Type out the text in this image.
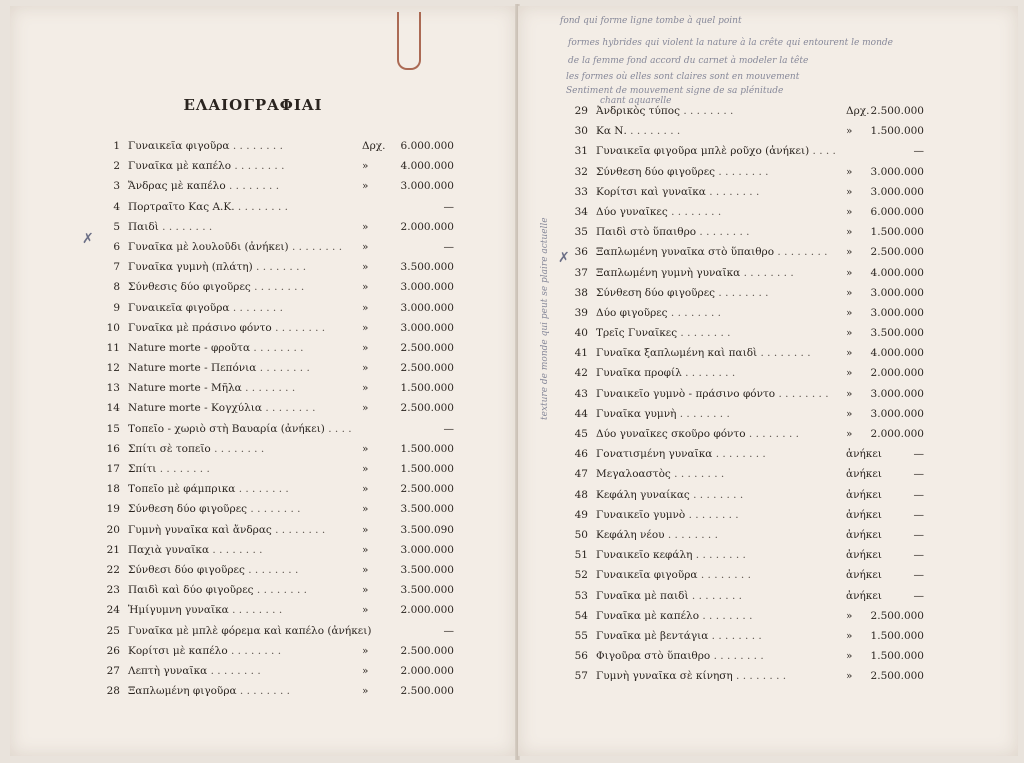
ΕΛΑΙΟΓΡΑΦΙΑΙ
1 Γυναικεῖα φιγοῦρα . . . . . . . .	Δρχ.	6.000.000
2 Γυναῖκα μὲ καπέλο . . . . . . . .	»	4.000.000
3 Ἄνδρας μὲ καπέλο . . . . . . . .	»	3.000.000
4 Πορτραῖτο Κας Α.Κ. . . . . . . . .	—
5 Παιδὶ . . . . . . . .	»	2.000.000
6 Γυναῖκα μὲ λουλοῦδι (ἀνήκει) . . . . . . . . »	—
7 Γυναῖκα γυμνὴ (πλάτη) . . . . . . . .	»	3.500.000
8 Σύνθεσις δύο φιγοῦρες . . . . . . . .	»	3.000.000
9 Γυναικεῖα φιγοῦρα . . . . . . . .	»	3.000.000
10 Γυναῖκα μὲ πράσινο φόντο . . . . . . . .	»	3.000.000
11 Nature morte - φροῦτα . . . . . . . .	»	2.500.000
12 Nature morte - Πεπόνια . . . . . . . .	»	2.500.000
13 Nature morte - Μῆλα . . . . . . . .	»	1.500.000
14 Nature morte - Κογχύλια . . . . . . . .	»	2.500.000
15 Τοπεῖο - χωριὸ στὴ Βαυαρία (ἀνήκει) . . . .	—
16 Σπίτι σὲ τοπεῖο . . . . . . . .	»	1.500.000
17 Σπίτι . . . . . . . .	»	1.500.000
18 Τοπεῖο μὲ φάμπρικα . . . . . . . .	»	2.500.000
19 Σύνθεση δύο φιγοῦρες . . . . . . . .	»	3.500.000
20 Γυμνὴ γυναῖκα καὶ ἄνδρας . . . . . . . .	»	3.500.090
21 Παχιὰ γυναῖκα . . . . . . . .	»	3.000.000
22 Σύνθεσι δύο φιγοῦρες . . . . . . . .	»	3.500.000
23 Παιδὶ καὶ δύο φιγοῦρες . . . . . . . .	»	3.500.000
24 Ἡμίγυμνη γυναῖκα . . . . . . . .	»	2.000.000
25 Γυναῖκα μὲ μπλὲ φόρεμα καὶ καπέλο (ἀνήκει)	—
26 Κορίτσι μὲ καπέλο . . . . . . . .	»	2.500.000
27 Λεπτὴ γυναῖκα . . . . . . . .	»	2.000.000
28 Ξαπλωμένη φιγοῦρα . . . . . . . .	»	2.500.000
29 Ἀνδρικὸς τύπος . . . . . . . .	Δρχ. 2.500.000
30 Κα Ν. . . . . . . . .	»	1.500.000
31 Γυναικεῖα φιγοῦρα μπλὲ ροῦχο (ἀνήκει) . . . .	—
32 Σύνθεση δύο φιγοῦρες . . . . . . . .	»	3.000.000
33 Κορίτσι καὶ γυναῖκα . . . . . . . .	»	3.000.000
34 Δύο γυναῖκες . . . . . . . .	»	6.000.000
35 Παιδὶ στὸ ὕπαιθρο . . . . . . . .	»	1.500.000
36 Ξαπλωμένη γυναῖκα στὸ ὕπαιθρο . . . . . . . . »	2.500.000
37 Ξαπλωμένη γυμνὴ γυναῖκα . . . . . . . .	»	4.000.000
38 Σύνθεση δύο φιγοῦρες . . . . . . . .	»	3.000.000
39 Δύο φιγοῦρες . . . . . . . .	»	3.000.000
40 Τρεῖς Γυναῖκες . . . . . . . .	»	3.500.000
41 Γυναῖκα ξαπλωμένη καὶ παιδὶ . . . . . . . .	»	4.000.000
42 Γυναῖκα προφίλ . . . . . . . .	»	2.000.000
43 Γυναικεῖο γυμνὸ - πράσινο φόντο . . . . . . . . »	3.000.000
44 Γυναῖκα γυμνὴ . . . . . . . .	»	3.000.000
45 Δύο γυναῖκες σκοῦρο φόντο . . . . . . . .	»	2.000.000
46 Γονατισμένη γυναῖκα . . . . . . . .	ἀνήκει	—
47 Μεγαλοαστὸς . . . . . . . .	ἀνήκει	—
48 Κεφάλη γυναίκας . . . . . . . .	ἀνήκει	—
49 Γυναικεῖο γυμνὸ . . . . . . . .	ἀνήκει	—
50 Κεφάλη νέου . . . . . . . .	ἀνήκει	—
51 Γυναικεῖο κεφάλη . . . . . . . .	ἀνήκει	—
52 Γυναικεῖα φιγοῦρα . . . . . . . .	ἀνήκει	—
53 Γυναῖκα μὲ παιδὶ . . . . . . . .	ἀνήκει	—
54 Γυναῖκα μὲ καπέλο . . . . . . . .	»	2.500.000
55 Γυναῖκα μὲ βεντάγια . . . . . . . .	»	1.500.000
56 Φιγοῦρα στὸ ὕπαιθρο . . . . . . . .	»	1.500.000
57 Γυμνὴ γυναῖκα σὲ κίνηση . . . . . . . .	»	2.500.000
✗
✗
fond qui forme ligne tombe à quel point
formes hybrides qui violent la nature à la crête qui entourent le monde
de la femme fond accord du carnet à modeler la tête
les formes où elles sont claires sont en mouvement
Sentiment de mouvement signe de sa plénitude
chant aquarelle
texture de monde qui peut se plaire actuelle
